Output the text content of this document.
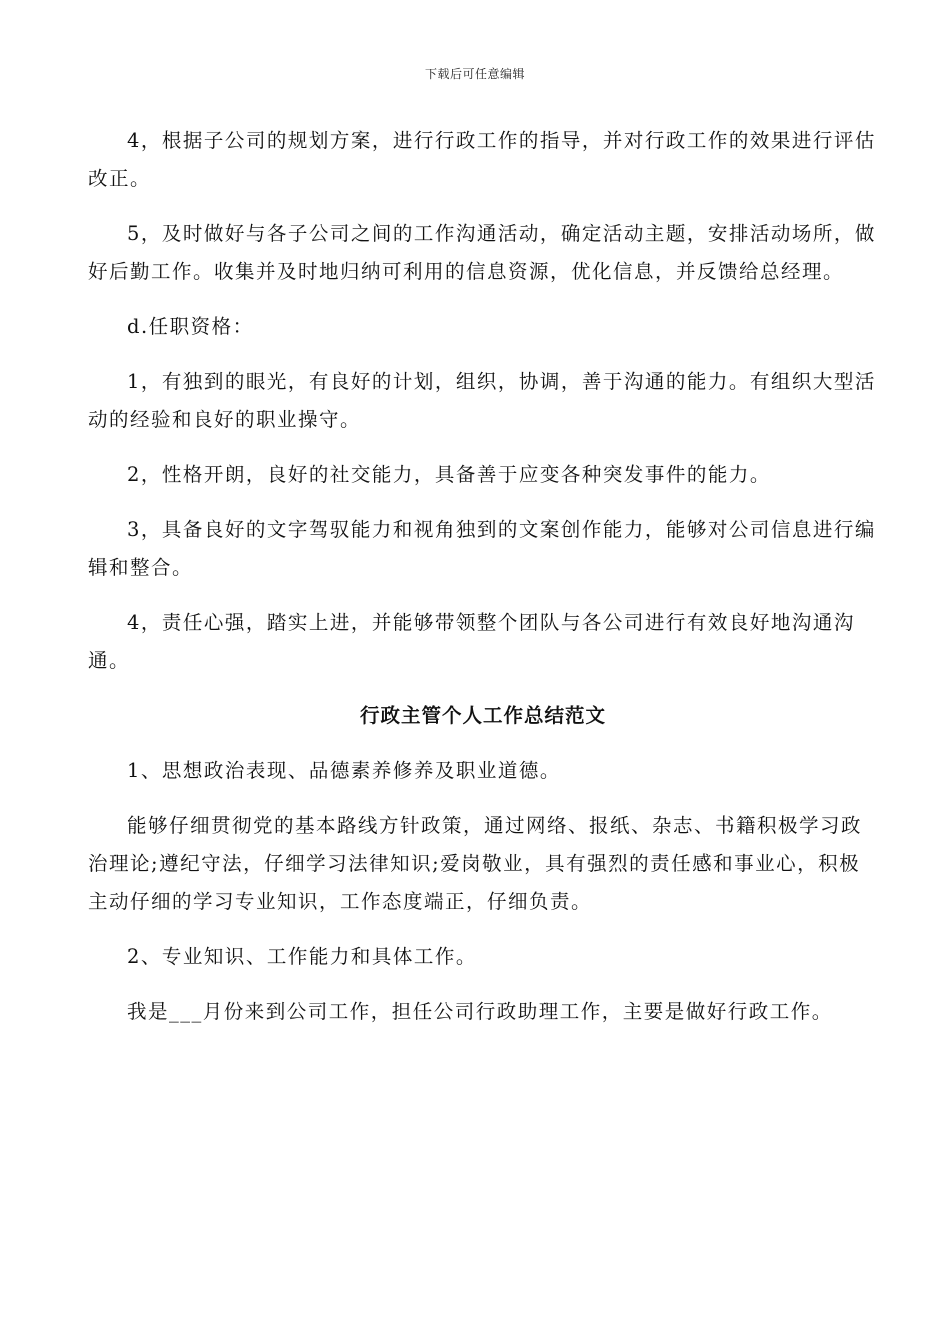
下载后可任意编辑

4，根据子公司的规划方案，进行行政工作的指导，并对行政工作的效果进行评估改正。

5，及时做好与各子公司之间的工作沟通活动，确定活动主题，安排活动场所，做好后勤工作。收集并及时地归纳可利用的信息资源，优化信息，并反馈给总经理。

d.任职资格：

1，有独到的眼光，有良好的计划，组织，协调，善于沟通的能力。有组织大型活动的经验和良好的职业操守。

2，性格开朗，良好的社交能力，具备善于应变各种突发事件的能力。

3，具备良好的文字驾驭能力和视角独到的文案创作能力，能够对公司信息进行编辑和整合。

4，责任心强，踏实上进，并能够带领整个团队与各公司进行有效良好地沟通沟通。

行政主管个人工作总结范文

1、思想政治表现、品德素养修养及职业道德。

能够仔细贯彻党的基本路线方针政策，通过网络、报纸、杂志、书籍积极学习政治理论;遵纪守法，仔细学习法律知识;爱岗敬业，具有强烈的责任感和事业心，积极主动仔细的学习专业知识，工作态度端正，仔细负责。

2、专业知识、工作能力和具体工作。

我是___月份来到公司工作，担任公司行政助理工作，主要是做好行政工作。
